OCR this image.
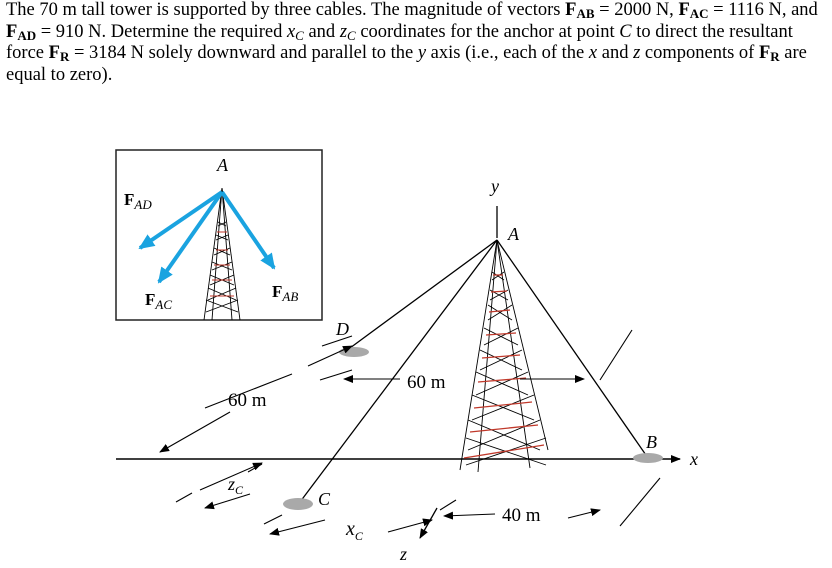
The 70 m tall tower is supported by three cables. The magnitude of vectors FAB = 2000 N, FAC = 1116 N, and FAD = 910 N. Determine the required xC and zC coordinates for the anchor at point C to direct the resultant force FR = 3184 N solely downward and parallel to the y axis (i.e., each of the x and z components of FR are equal to zero).

A
$F_{AD}$
$F_{AC}$
$F_{AB}$
y
A
D
60 m
60 m
B
x
$z_C$	C
$x_C$
40 m
z
